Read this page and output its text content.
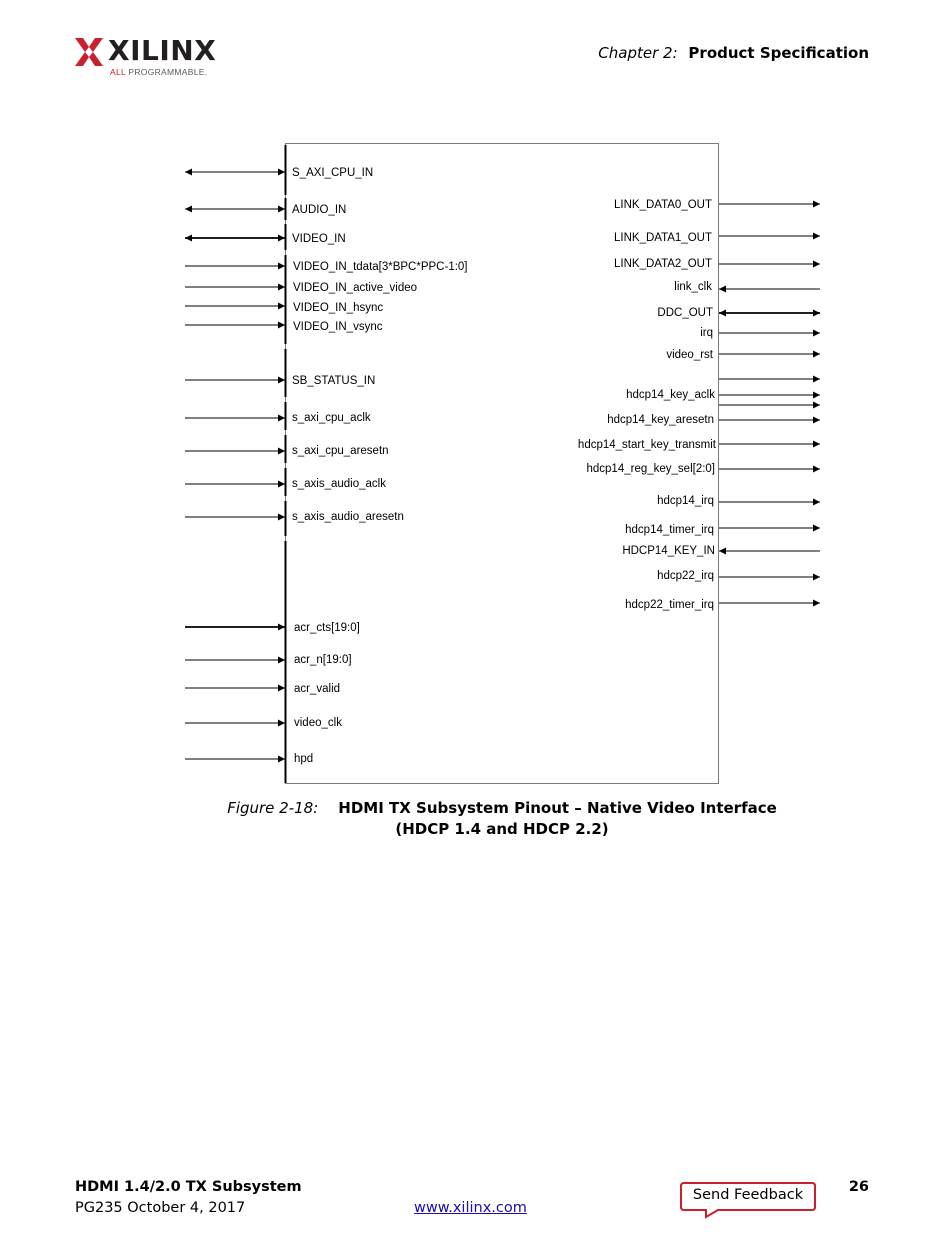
XILINX
ALL PROGRAMMABLE.
Chapter 2: Product Specification
S_AXI_CPU_IN
AUDIO_IN
VIDEO_IN
VIDEO_IN_tdata[3*BPC*PPC-1:0]
VIDEO_IN_active_video
VIDEO_IN_hsync
VIDEO_IN_vsync
SB_STATUS_IN
s_axi_cpu_aclk
s_axi_cpu_aresetn
s_axis_audio_aclk
s_axis_audio_aresetn
acr_cts[19:0]
acr_n[19:0]
acr_valid
video_clk
hpd
LINK_DATA0_OUT
LINK_DATA1_OUT
LINK_DATA2_OUT
link_clk
DDC_OUT
irq
video_rst
hdcp14_key_aclk
hdcp14_key_aresetn
hdcp14_start_key_transmit
hdcp14_reg_key_sel[2:0]
hdcp14_irq
hdcp14_timer_irq
HDCP14_KEY_IN
hdcp22_irq
hdcp22_timer_irq
Figure 2-18: HDMI TX Subsystem Pinout – Native Video Interface
(HDCP 1.4 and HDCP 2.2)
HDMI 1.4/2.0 TX Subsystem
PG235 October 4, 2017	www.xilinx.com
Send Feedback	26
